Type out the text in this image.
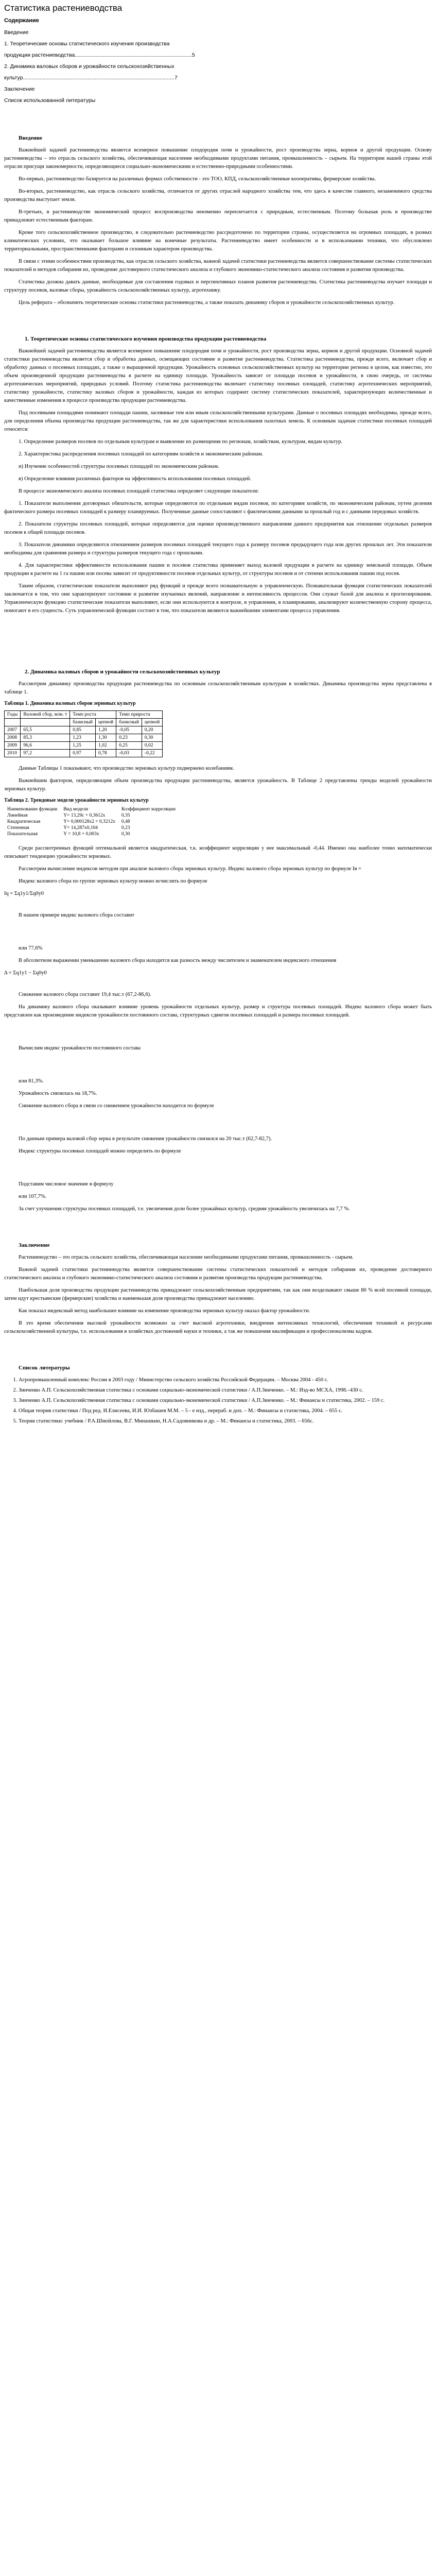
Статистика растениеводства
Содержание

Введение

1. Теоретические основы статистического изучения производства

продукции растениеводства..............................................................................5

2. Динамика валовых сборов и урожайности сельскохозяйственных

культур.....................................................................................................7

Заключение

Список использованной литературы

Введение

Важнейшей задачей растениеводства является всемерное повышение плодородия почв и урожайности, рост производства зерна, кормов и другой продукции. Основу растениеводства – это отрасль сельского хозяйства, обеспечивающая население необходимыми продуктами питания, промышленность – сырьем. На территории нашей страны этой отрасли присущи закономерности, определяющиеся социально-экономическими и естественно-природными особенностями.

Во-первых, растениеводство базируется на различных формах собственности - это ТОО, КПД, сельскохозяйственные кооперативы, фермерские хозяйства.

Во-вторых, растениеводство, как отрасль сельского хозяйства, отличается от других отраслей народного хозяйства тем, что здесь в качестве главного, незаменимого средства производства выступает земля.

В-третьих, в растениеводстве экономический процесс воспроизводства неизменно переплетается с природным, естественным. Поэтому большая роль в производстве принадлежит естественным факторам.

Кроме того сельскохозяйственное производство, в следовательно растениеводство рассредоточено по территории страны, осуществляется на огромных площадях, в разных климатических условиях, что оказывает большое влияние на конечные результаты. Растениеводство имеет особенности и в использовании техники, что обусловлено территориальными, пространственными факторами и сезонным характером производства.

В связи с этими особенностями производства, как отрасли сельского хозяйства, важной задачей статистики растениеводства является совершенствование системы статистических показателей и методов собирания их, проведение достоверного статистического анализа и глубокого экономико-статистического анализа состояния и развития производства.

Статистика должна давать данные, необходимые для составления годовых и перспективных планов развития растениеводства. Статистика растениеводства изучает площади и структуру посевов, валовые сборы, урожайность сельскохозяйственных культур, агротехнику.

Цель реферата – обозначить теоретические основы статистики растениеводства, а также показать динамику сборов и урожайности сельскохозяйственных культур.

1. Теоретические основы статистического изучения производства продукции растениеводства

Важнейшей задачей растениеводства является всемерное повышение плодородия почв и урожайности, рост производства зерна, кормов и другой продукции. Основной задачей статистики растениеводства является сбор и обработка данных, освещающих состояние и развитие растениеводства. Статистика растениеводства, прежде всего, включает сбор и обработку данных о посевных площадях, а также о выращенной продукции. Урожайность основных сельскохозяйственных культур на территории региона в целом, как известно, это объем произведенной продукции растениеводства в расчете на единицу площади. Урожайность зависит от площади посевов и урожайности, в свою очередь, от системы агротехнических мероприятий, природных условий. Поэтому статистика растениеводства включает статистику посевных площадей, статистику агротехнических мероприятий, статистику урожайности, статистику валовых сборов и урожайности, каждая из которых содержит систему статистических показателей, характеризующих количественные и качественные изменения в процессе производства продукции растениеводства.

Под посевными площадями понимают площади пашни, засеянные тем или иным сельскохозяйственными культурами. Данные о посевных площадях необходимы, прежде всего, для определения объема производства продукции растениеводства, так же для характеристики использования пахотных земель. К основным задачам статистики посевных площадей относятся:

1. Определение размеров посевов по отдельным культурам и выявление их размещения по регионам, хозяйствам, культурам, видам культур.

2. Характеристика распределения посевных площадей по категориям хозяйств и экономическим районам.

и) Изучение особенностей структуры посевных площадей по экономическим районам.

в) Определение влияния различных факторов на эффективность использования посевных площадей.

В процессе экономического анализа посевных площадей статистика определяет следующие показатели:

1. Показатели выполнения договорных обязательств, которые определяются по отдельным видам посевов, по категориям хозяйств, по экономическим районам, путем деления фактического размера посевных площадей к размеру планируемых. Полученные данные сопоставляют с фактическими данными за прошлый год и с данными передовых хозяйств.

2. Показатели структуры посевных площадей, которые определяются для оценки производственного направления данного предприятия как отношение отдельных размеров посевов к общей площади посевов.

3. Показатели динамики определяются отношением размеров посевных площадей текущего года к размеру посевов предыдущего года или других прошлых лет. Эти показатели необходимы для сравнения размера и структуры размеров текущего года с прошлыми.

4. Для характеристики эффективности использования пашни и посевов статистика применяет выход валовой продукции в расчете на единицу земельной площади. Объем продукции в расчете на 1 га пашни или посева зависит от продуктивности посевов отдельных культур, от структуры посевов и от степени использования пашни под посев.

Таким образом, статистические показатели выполняют ряд функций и прежде всего познавательную и управленческую. Познавательная функция статистических показателей заключается в том, что они характеризуют состояние и развитие изучаемых явлений, направление и интенсивность процессов. Они служат базой для анализа и прогнозирования. Управленческую функцию статистические показатели выполняют, если они используются в контроле, в управлении, в планировании, анализируют количественную сторону процесса, помогают в его сущность. Суть управленческой функции состоит в том, что показатели являются важнейшими элементами процесса управления.

2. Динамика валовых сборов и урожайности сельскохозяйственных культур

Рассмотрим динамику производства продукции растениеводства по основным сельскохозяйственным культурам в хозяйствах. Динамика производства зерна представлена в таблице 1.

Таблица 1. Динамика валовых сборов зерновых культур
Годы	Валовой сбор, млн. т	Темп роста		Темп прироста	
		базисный	цепной	базисный	цепной
2007	65,5	0,85	1,20	-0,05	0,20
2008	85,3	1,23	1,30	0,23	0,30
2009	96,6	1,25	1,02	0,25	0,02
2010	97,2	0,97	0,78	-0,03	-0,22

Данные Таблицы 1 показывают, что производство зерновых культур подвержено колебаниям.

Важнейшим фактором, определяющим объем производства продукции растениеводства, является урожайность. В Таблице 2 представлены тренды моделей урожайности зерновых культур.

Таблица 2. Трендовые модели урожайности зерновых культур
Наименование функции	Вид модели	Коэффициент корреляции
Линейная	Y= 13,29с + 0,3612x	0,35
Квадратическая	Y= 0,000128x2 + 0,3212x	0,48
Степенная	Y= 14,287x0,104	0,23
Показательная	Y = 10,8 + 0,003x	0,30

Среди рассмотренных функций оптимальной является квадратическая, т.к. коэффициент корреляции у нее максимальный -0,44. Именно она наиболее точно математически описывает тенденцию урожайности зерновых.

Рассмотрим вычисление индексов методом при анализе валового сбора зерновых культур. Индекс валового сбора зерновых культур по формуле Iв =

Индекс валового сбора по группе зерновых культур можно исчислить по формуле

Iq = Σq1y1/Σq0y0

В нашем примере индекс валового сбора составит

или 77,6%

В абсолютном выражении уменьшение валового сбора находится как разность между числителем и знаменателем индексного отношения

Δ = Σq1y1 − Σq0y0

Снижение валового сбора составит 19,4 тыс.т (67,2-86,6).

На динамику валового сбора оказывают влияние уровень урожайности отдельных культур, размер и структура посевных площадей. Индекс валового сбора может быть представлен как произведение индексов урожайности постоянного состава, структурных сдвигов посевных площадей и размера посевных площадей.

Вычислим индекс урожайности постоянного состава

или 81,3%.

Урожайность снизилась на 18,7%.

Снижение валового сбора в связи со снижением урожайности находится по формуле

По данным примера валовой сбор зерна в результате снижения урожайности снизился на 20 тыс.т (62,7-82,7).

Индекс структуры посевных площадей можно определить по формуле

Подставим числовое значение в формулу

или 107,7%.

За счет улучшения структуры посевных площадей, т.е. увеличения доли более урожайных культур, средняя урожайность увеличилась на 7,7 %.

Заключение

Растениеводство – это отрасль сельского хозяйства, обеспечивающая население необходимыми продуктами питания, промышленность - сырьем.

Важной задачей статистики растениеводства является совершенствование системы статистических показателей и методов собирания их, проведение достоверного статистического анализа и глубокого экономико-статистического анализа состояния и развития производства продукции растениеводства.

Наибольшая доля производства продукции растениеводства принадлежит сельскохозяйственным предприятиям, так как они возделывают свыше 80 % всей посевной площади, затем идут крестьянские (фермерские) хозяйства и наименьшая доля производства принадлежит населению.

Как показал индексный метод наибольшее влияние на изменение производства зерновых культур оказал фактор урожайности.

В это время обеспечения высокой урожайности возможно за счет высокой агротехники, внедрения интенсивных технологий, обеспечения техникой и ресурсами сельскохозяйственной культуры, т.е. использования в хозяйствах достижений науки и техники, а так же повышения квалификации и профессионализма кадров.

Список литературы
1. Агропромышленный комплекс России в 2003 году / Министерство сельского хозяйства Российской Федерации. – Москва 2004 - 450 с.
2. Зинченко А.П. Сельскохозяйственная статистика с основами социально-экономической статистики / А.П.Зинченко. – М.: Изд-во МСХА, 1998.–430 с.
3. Зинченко А.П. Сельскохозяйственная статистика с основами социально-экономической статистики / А.П.Зинченко. – М.: Финансы и статистика, 2002. – 159 с.
4. Общая теория статистики / Под ред. И.Елисеева, И.И. Юзбашев М.М. – 5 - е изд., перераб. и доп. – М.: Финансы и статистика, 2004. – 655 с.
5. Теория статистики: учебник / Р.А.Шмойлова, В.Г. Минашкин, Н.А.Садовникова и др. – М.: Финансы и статистика, 2003. – 656с.
